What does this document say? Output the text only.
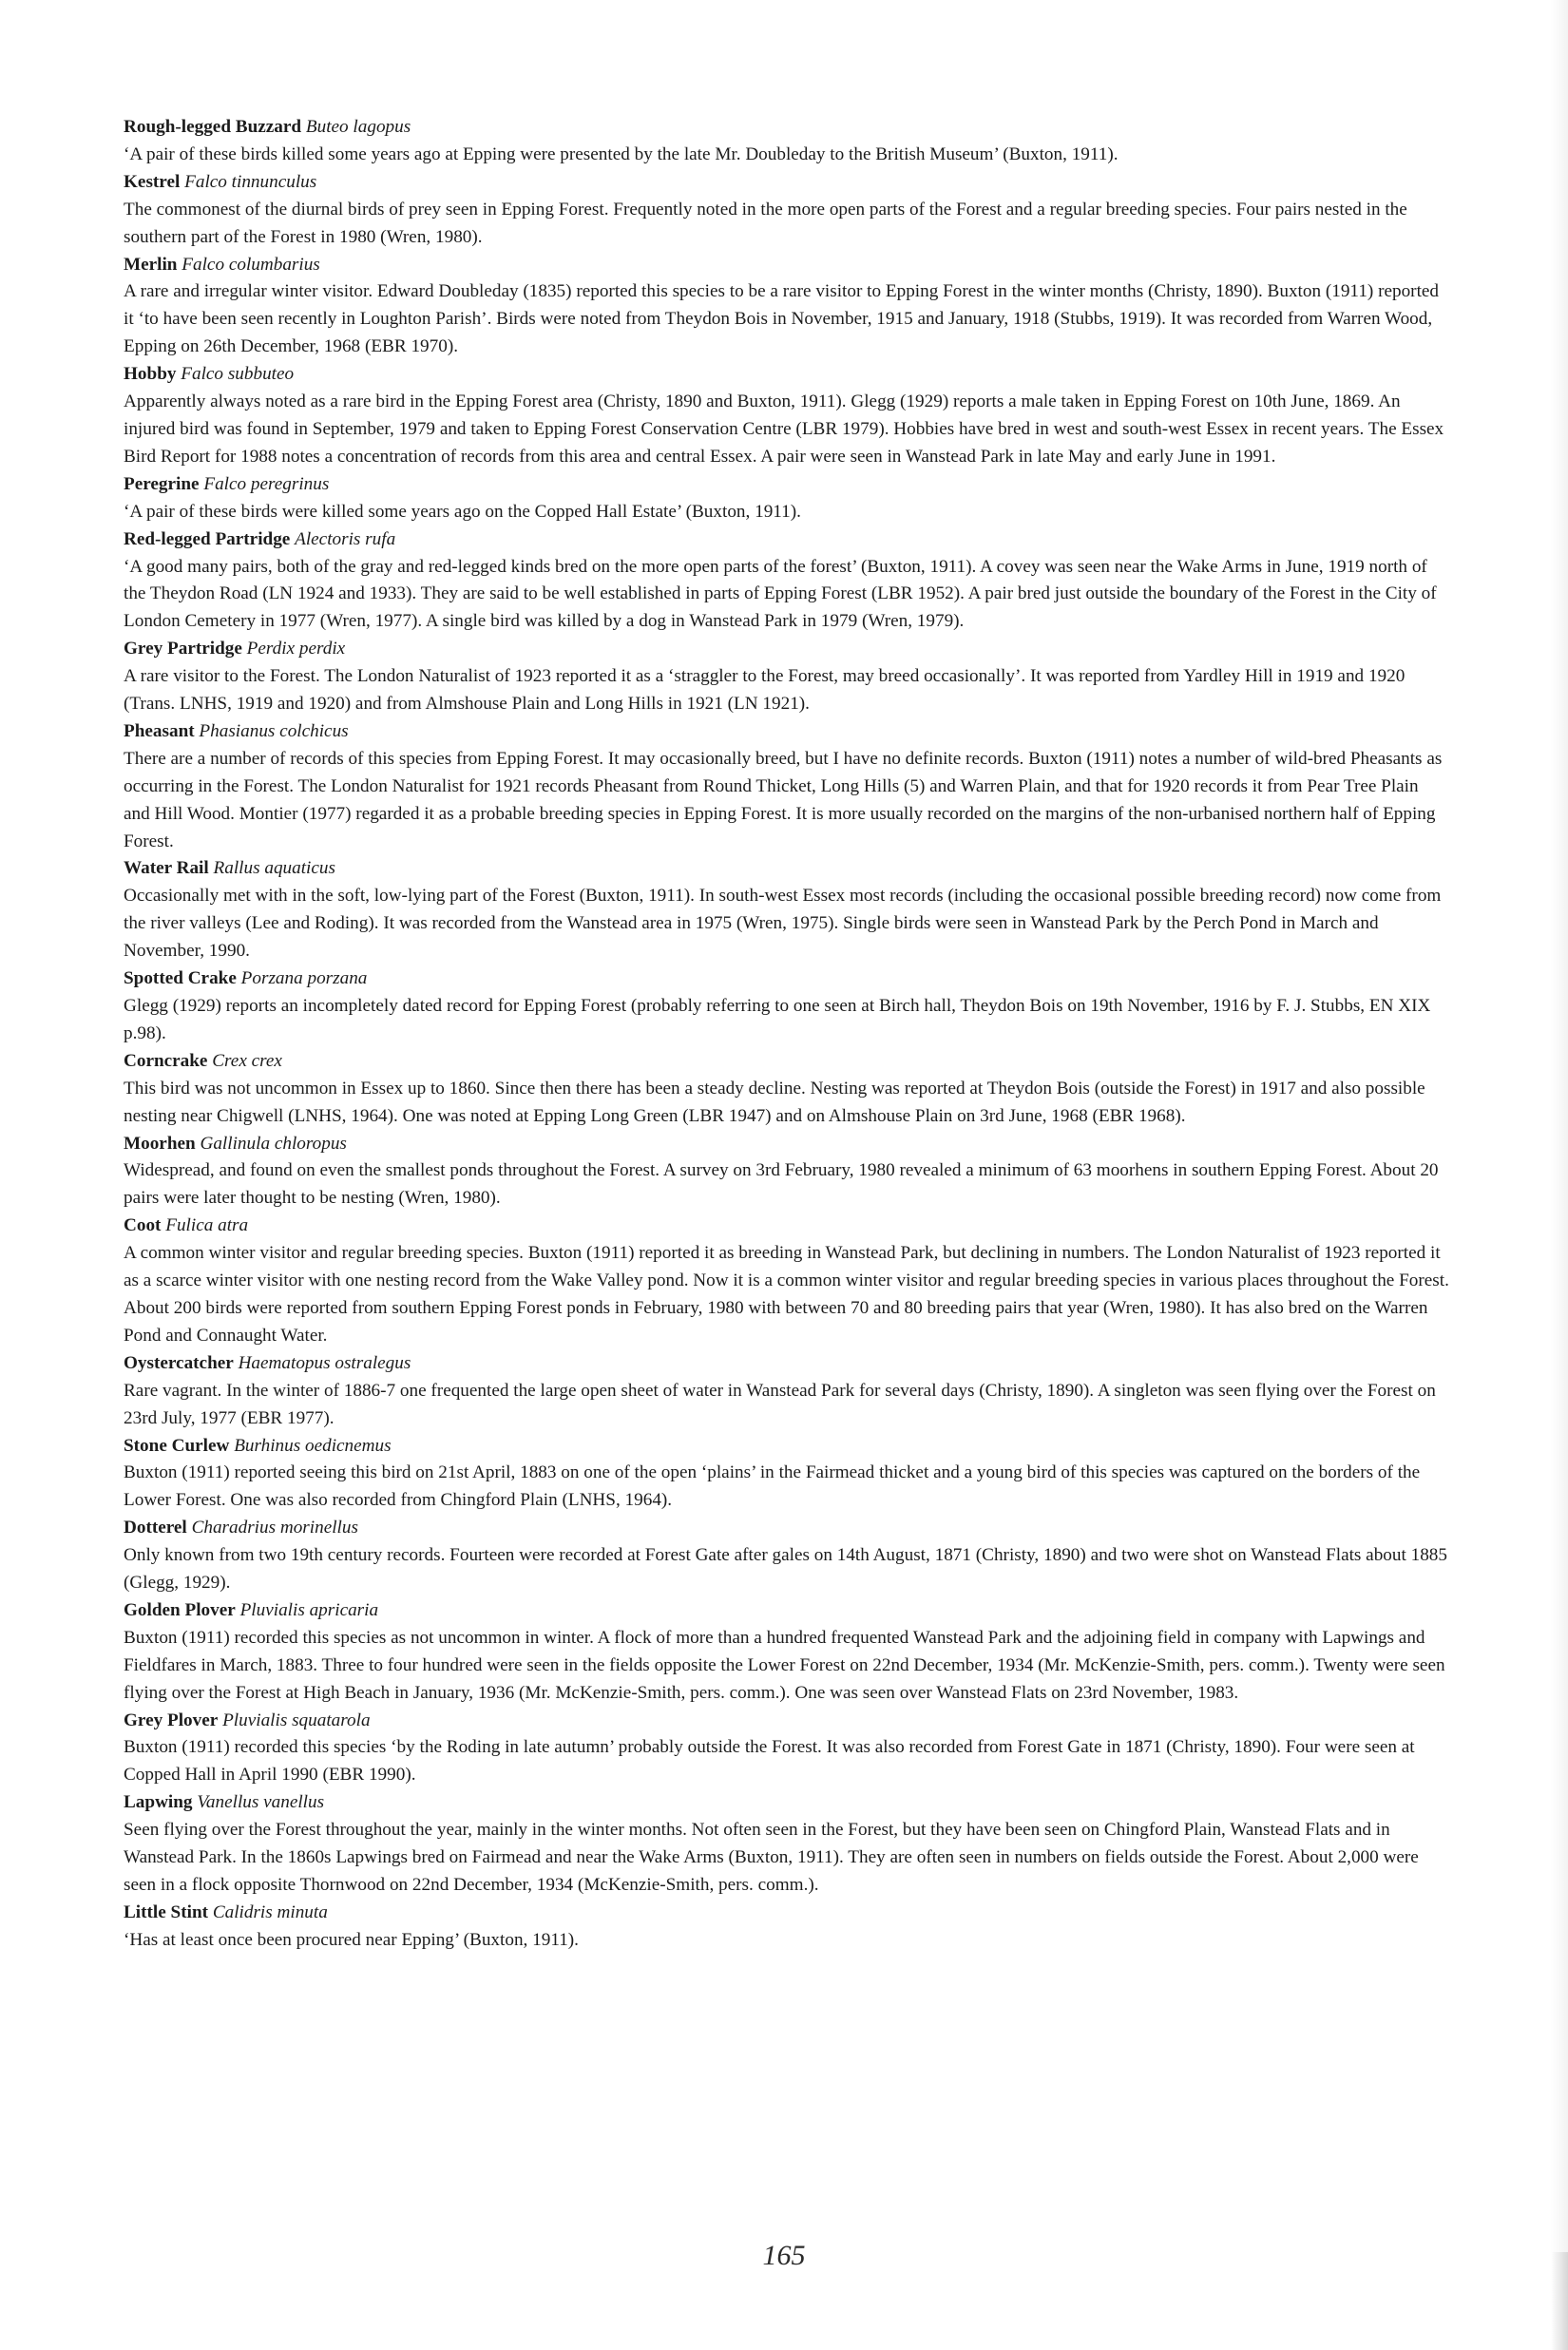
Rough-legged Buzzard Buteo lagopus

‘A pair of these birds killed some years ago at Epping were presented by the late Mr. Doubleday to the British Museum’ (Buxton, 1911).

Kestrel Falco tinnunculus

The commonest of the diurnal birds of prey seen in Epping Forest. Frequently noted in the more open parts of the Forest and a regular breeding species. Four pairs nested in the southern part of the Forest in 1980 (Wren, 1980).

Merlin Falco columbarius

A rare and irregular winter visitor. Edward Doubleday (1835) reported this species to be a rare visitor to Epping Forest in the winter months (Christy, 1890). Buxton (1911) reported it ‘to have been seen recently in Loughton Parish’. Birds were noted from Theydon Bois in November, 1915 and January, 1918 (Stubbs, 1919). It was recorded from Warren Wood, Epping on 26th December, 1968 (EBR 1970).

Hobby Falco subbuteo

Apparently always noted as a rare bird in the Epping Forest area (Christy, 1890 and Buxton, 1911). Glegg (1929) reports a male taken in Epping Forest on 10th June, 1869. An injured bird was found in September, 1979 and taken to Epping Forest Conservation Centre (LBR 1979). Hobbies have bred in west and south-west Essex in recent years. The Essex Bird Report for 1988 notes a concentration of records from this area and central Essex. A pair were seen in Wanstead Park in late May and early June in 1991.

Peregrine Falco peregrinus

‘A pair of these birds were killed some years ago on the Copped Hall Estate’ (Buxton, 1911).

Red-legged Partridge Alectoris rufa

‘A good many pairs, both of the gray and red-legged kinds bred on the more open parts of the forest’ (Buxton, 1911). A covey was seen near the Wake Arms in June, 1919 north of the Theydon Road (LN 1924 and 1933). They are said to be well established in parts of Epping Forest (LBR 1952). A pair bred just outside the boundary of the Forest in the City of London Cemetery in 1977 (Wren, 1977). A single bird was killed by a dog in Wanstead Park in 1979 (Wren, 1979).

Grey Partridge Perdix perdix

A rare visitor to the Forest. The London Naturalist of 1923 reported it as a ‘straggler to the Forest, may breed occasionally’. It was reported from Yardley Hill in 1919 and 1920 (Trans. LNHS, 1919 and 1920) and from Almshouse Plain and Long Hills in 1921 (LN 1921).

Pheasant Phasianus colchicus

There are a number of records of this species from Epping Forest. It may occasionally breed, but I have no definite records. Buxton (1911) notes a number of wild-bred Pheasants as occurring in the Forest. The London Naturalist for 1921 records Pheasant from Round Thicket, Long Hills (5) and Warren Plain, and that for 1920 records it from Pear Tree Plain and Hill Wood. Montier (1977) regarded it as a probable breeding species in Epping Forest. It is more usually recorded on the margins of the non-urbanised northern half of Epping Forest.

Water Rail Rallus aquaticus

Occasionally met with in the soft, low-lying part of the Forest (Buxton, 1911). In south-west Essex most records (including the occasional possible breeding record) now come from the river valleys (Lee and Roding). It was recorded from the Wanstead area in 1975 (Wren, 1975). Single birds were seen in Wanstead Park by the Perch Pond in March and November, 1990.

Spotted Crake Porzana porzana

Glegg (1929) reports an incompletely dated record for Epping Forest (probably referring to one seen at Birch hall, Theydon Bois on 19th November, 1916 by F. J. Stubbs, EN XIX p.98).

Corncrake Crex crex

This bird was not uncommon in Essex up to 1860. Since then there has been a steady decline. Nesting was reported at Theydon Bois (outside the Forest) in 1917 and also possible nesting near Chigwell (LNHS, 1964). One was noted at Epping Long Green (LBR 1947) and on Almshouse Plain on 3rd June, 1968 (EBR 1968).

Moorhen Gallinula chloropus

Widespread, and found on even the smallest ponds throughout the Forest. A survey on 3rd February, 1980 revealed a minimum of 63 moorhens in southern Epping Forest. About 20 pairs were later thought to be nesting (Wren, 1980).

Coot Fulica atra

A common winter visitor and regular breeding species. Buxton (1911) reported it as breeding in Wanstead Park, but declining in numbers. The London Naturalist of 1923 reported it as a scarce winter visitor with one nesting record from the Wake Valley pond. Now it is a common winter visitor and regular breeding species in various places throughout the Forest. About 200 birds were reported from southern Epping Forest ponds in February, 1980 with between 70 and 80 breeding pairs that year (Wren, 1980). It has also bred on the Warren Pond and Connaught Water.

Oystercatcher Haematopus ostralegus

Rare vagrant. In the winter of 1886-7 one frequented the large open sheet of water in Wanstead Park for several days (Christy, 1890). A singleton was seen flying over the Forest on 23rd July, 1977 (EBR 1977).

Stone Curlew Burhinus oedicnemus

Buxton (1911) reported seeing this bird on 21st April, 1883 on one of the open ‘plains’ in the Fairmead thicket and a young bird of this species was captured on the borders of the Lower Forest. One was also recorded from Chingford Plain (LNHS, 1964).

Dotterel Charadrius morinellus

Only known from two 19th century records. Fourteen were recorded at Forest Gate after gales on 14th August, 1871 (Christy, 1890) and two were shot on Wanstead Flats about 1885 (Glegg, 1929).

Golden Plover Pluvialis apricaria

Buxton (1911) recorded this species as not uncommon in winter. A flock of more than a hundred frequented Wanstead Park and the adjoining field in company with Lapwings and Fieldfares in March, 1883. Three to four hundred were seen in the fields opposite the Lower Forest on 22nd December, 1934 (Mr. McKenzie-Smith, pers. comm.). Twenty were seen flying over the Forest at High Beach in January, 1936 (Mr. McKenzie-Smith, pers. comm.). One was seen over Wanstead Flats on 23rd November, 1983.

Grey Plover Pluvialis squatarola

Buxton (1911) recorded this species ‘by the Roding in late autumn’ probably outside the Forest. It was also recorded from Forest Gate in 1871 (Christy, 1890). Four were seen at Copped Hall in April 1990 (EBR 1990).

Lapwing Vanellus vanellus

Seen flying over the Forest throughout the year, mainly in the winter months. Not often seen in the Forest, but they have been seen on Chingford Plain, Wanstead Flats and in Wanstead Park. In the 1860s Lapwings bred on Fairmead and near the Wake Arms (Buxton, 1911). They are often seen in numbers on fields outside the Forest. About 2,000 were seen in a flock opposite Thornwood on 22nd December, 1934 (McKenzie-Smith, pers. comm.).

Little Stint Calidris minuta

‘Has at least once been procured near Epping’ (Buxton, 1911).

165
